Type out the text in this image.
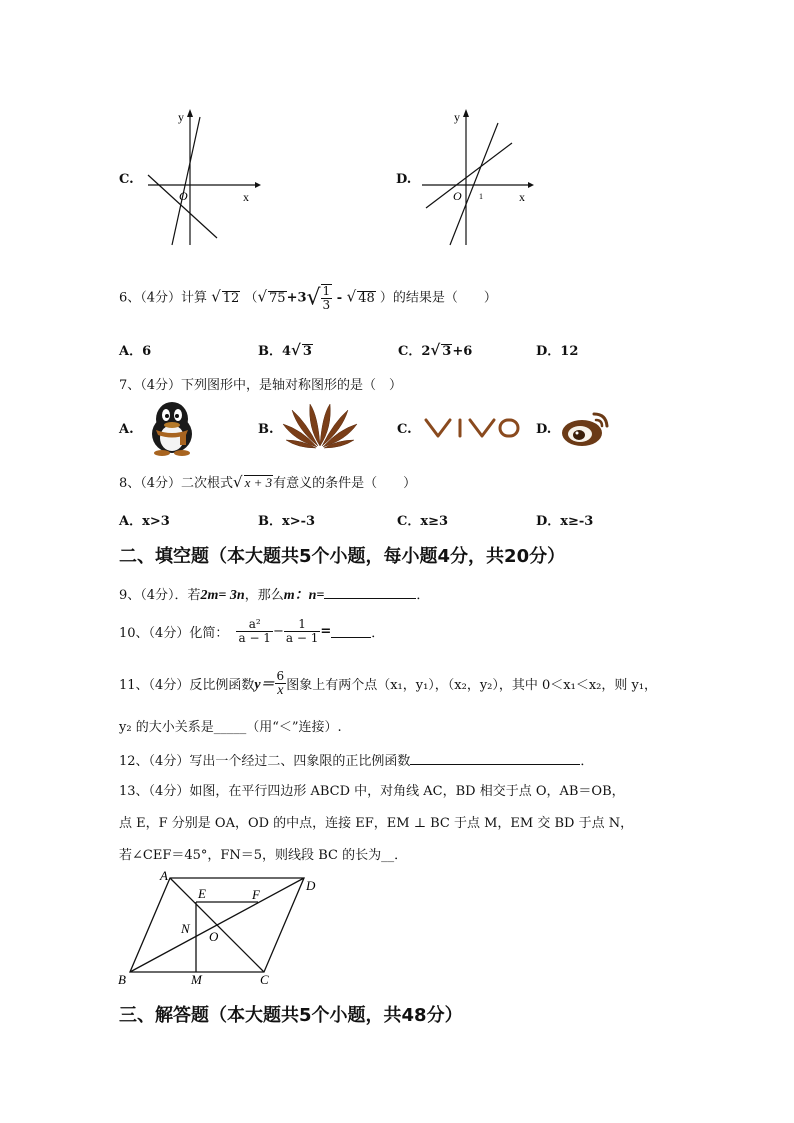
C.
x
y
O
D.
x
y
O 1
6、（4分）计算 √ 12 （√ $75+3√ \frac{1}{3}$ - √ 48 ）的结果是（　　）
A．6	B．4√ 3	C．2√ 3+6	D．12
7、（4分）下列图形中，是轴对称图形的是（　）
A.	B.	C.	D.
8、（4分）二次根式√ x + 3有意义的条件是（　　）
A．x>3	B．x>-3	C．x≥3	D．x≥-3
二、填空题（本大题共5个小题，每小题4分，共20分）
9、（4分）．若2m= 3n，那么m：n=	．
10、（4分）化简： $\frac{\text{a²}}{a - 1} - \frac{1}{a - 1}$ =	．
11、（4分）反比例函数$y= \frac{6}{x}$ 图象上有两个点（x₁，y₁），（x₂，y₂），其中 0＜x₁＜x₂，则 y₁，
y₂ 的大小关系是_____（用“＜”连接）.
12、（4分）写出一个经过二、四象限的正比例函数	．
13、（4分）如图，在平行四边形 ABCD 中，对角线 AC，BD 相交于点 O，AB＝OB，
点 E，F 分别是 OA，OD 的中点，连接 EF，EM ⊥ BC 于点 M，EM 交 BD 于点 N，
若∠CEF＝45°，FN＝5，则线段 BC 的长为__．
A
B	C
D
E	F
N
O
M
三、解答题（本大题共5个小题，共48分）
